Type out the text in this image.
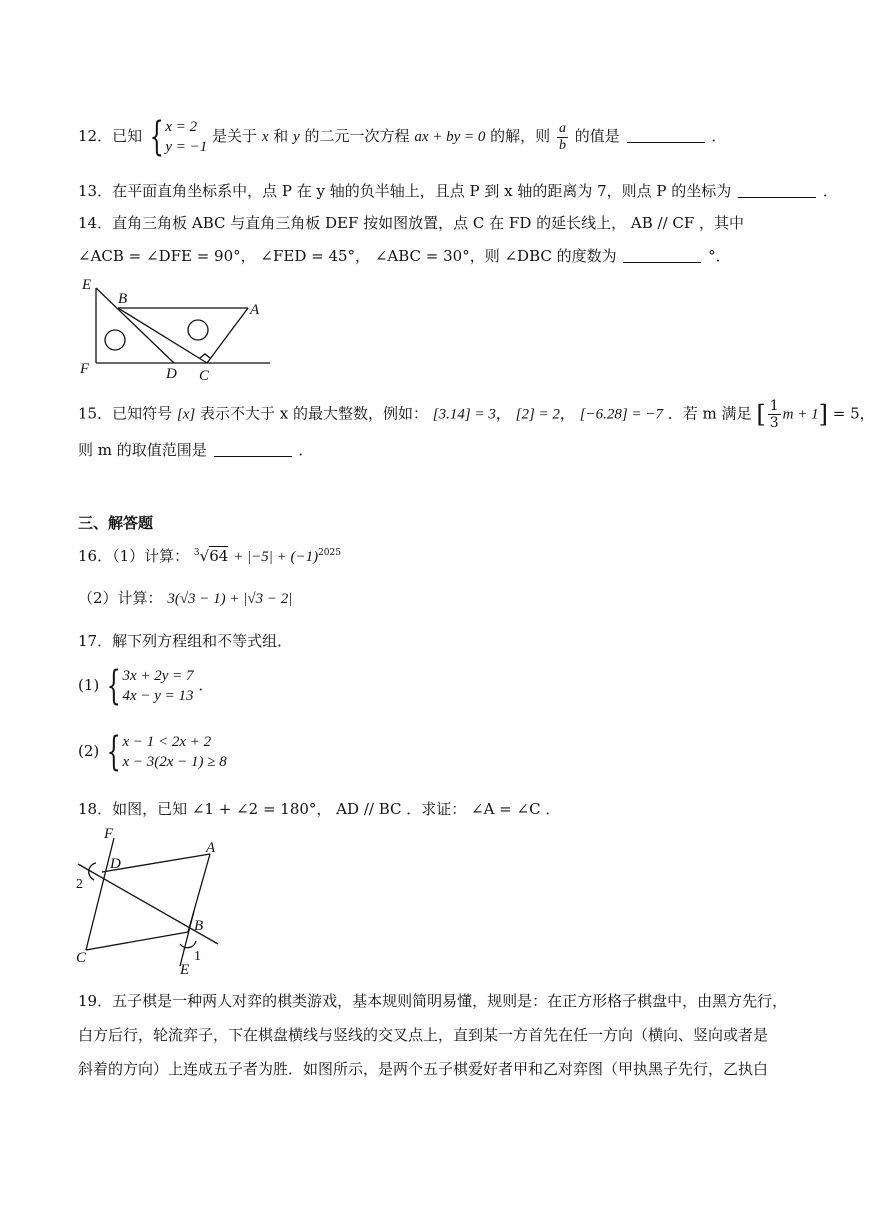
12．已知 { x = 2
y = −1
是关于 x 和 y 的二元一次方程 ax + by = 0 的解，则 $\frac{a}{b}$ 的值是	．
13．在平面直角坐标系中，点 P 在 y 轴的负半轴上，且点 P 到 x 轴的距离为 7，则点 P 的坐标为	．
14．直角三角板 ABC 与直角三角板 DEF 按如图放置，点 C 在 FD 的延长线上， AB // CF ，其中
∠ACB = ∠DFE = 90°， ∠FED = 45°， ∠ABC = 30°，则 ∠DBC 的度数为	°．
E
B
A
F	D C
15．已知符号 [x] 表示不大于 x 的最大整数，例如： [3.14] = 3， [2] = 2， [−6.28] = −7 ．若 m 满足 [ $\frac{1}{3}$ m + 1] = 5，
则 m 的取值范围是	．
三、解答题
16．（1）计算： $^3√64 + |-5| + (-1)^{2025}$
（2）计算： 3(√3 − 1) + |√3 − 2|
17．解下列方程组和不等式组．
(1) { 3x + 2y = 7
4x − y = 13
．
(2) { x − 1 < 2x + 2
x − 3(2x − 1) ≥ 8
18．如图，已知 ∠1 + ∠2 = 180°， AD // BC ．求证： ∠A = ∠C ．
F
D
A
B
C
E
2
1
19．五子棋是一种两人对弈的棋类游戏，基本规则简明易懂，规则是：在正方形格子棋盘中，由黑方先行，
白方后行，轮流弈子，下在棋盘横线与竖线的交叉点上，直到某一方首先在任一方向（横向、竖向或者是
斜着的方向）上连成五子者为胜．如图所示，是两个五子棋爱好者甲和乙对弈图（甲执黑子先行，乙执白
